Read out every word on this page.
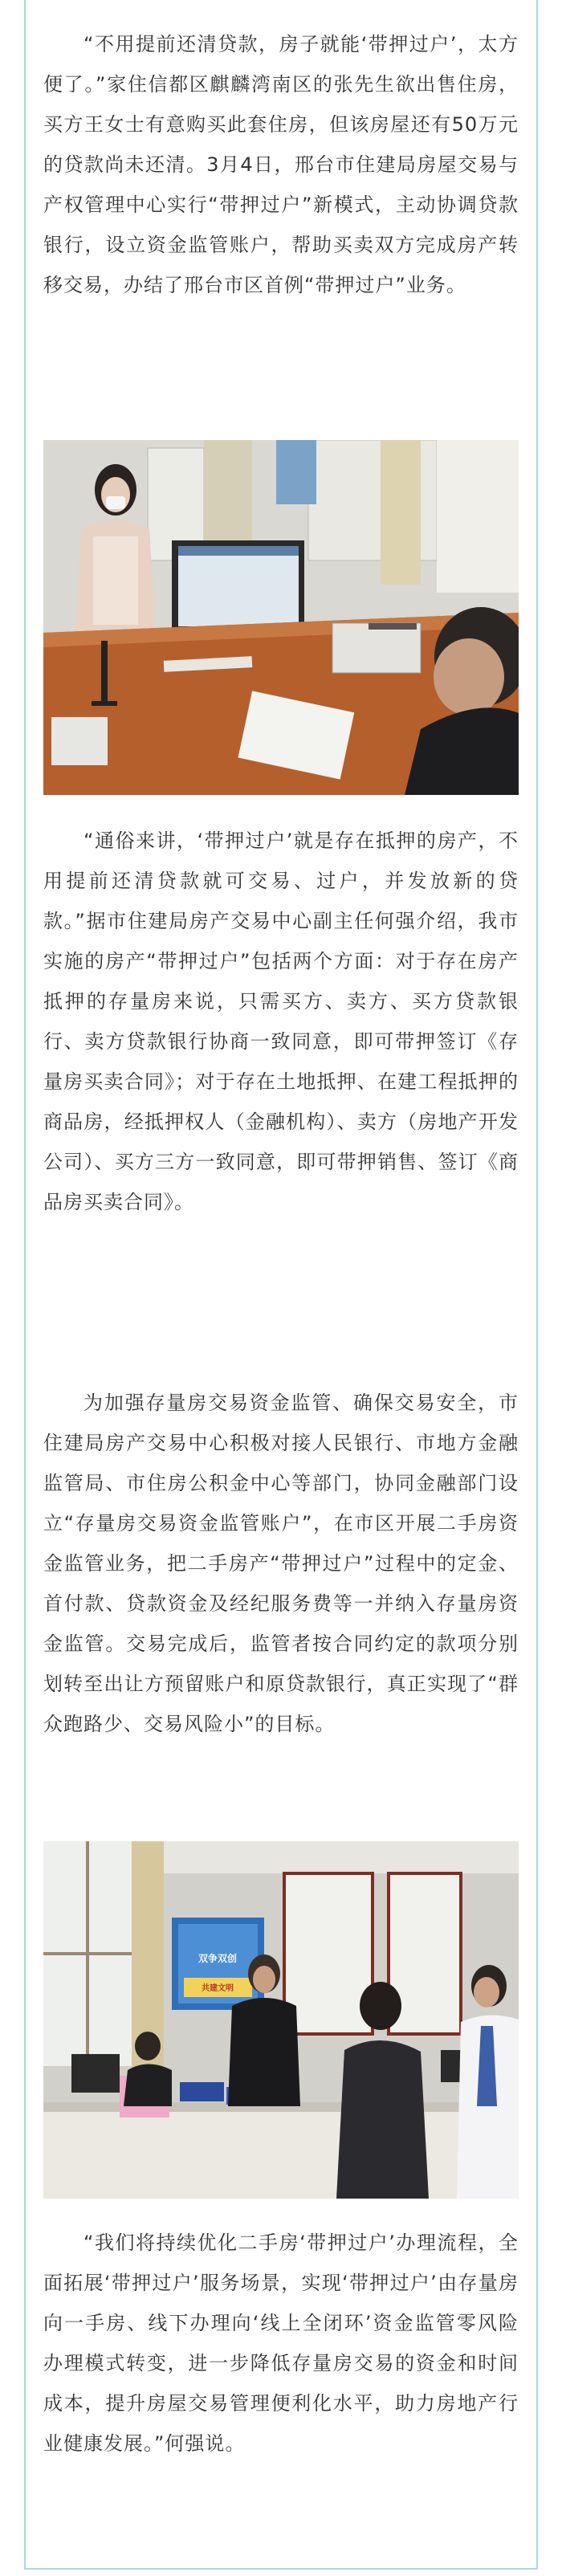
“不用提前还清贷款，房子就能‘带押过户’，太方便了。”家住信都区麒麟湾南区的张先生欲出售住房，买方王女士有意购买此套住房，但该房屋还有50万元的贷款尚未还清。3月4日，邢台市住建局房屋交易与产权管理中心实行“带押过户”新模式，主动协调贷款银行，设立资金监管账户，帮助买卖双方完成房产转移交易，办结了邢台市区首例“带押过户”业务。

“通俗来讲，‘带押过户’就是存在抵押的房产，不用提前还清贷款就可交易、过户，并发放新的贷款。”据市住建局房产交易中心副主任何强介绍，我市实施的房产“带押过户”包括两个方面：对于存在房产抵押的存量房来说，只需买方、卖方、买方贷款银行、卖方贷款银行协商一致同意，即可带押签订《存量房买卖合同》；对于存在土地抵押、在建工程抵押的商品房，经抵押权人（金融机构）、卖方（房地产开发公司）、买方三方一致同意，即可带押销售、签订《商品房买卖合同》。

为加强存量房交易资金监管、确保交易安全，市住建局房产交易中心积极对接人民银行、市地方金融监管局、市住房公积金中心等部门，协同金融部门设立“存量房交易资金监管账户”，在市区开展二手房资金监管业务，把二手房产“带押过户”过程中的定金、首付款、贷款资金及经纪服务费等一并纳入存量房资金监管。交易完成后，监管者按合同约定的款项分别划转至出让方预留账户和原贷款银行，真正实现了“群众跑路少、交易风险小”的目标。

双争双创
共建文明

“我们将持续优化二手房‘带押过户’办理流程，全面拓展‘带押过户’服务场景，实现‘带押过户’由存量房向一手房、线下办理向‘线上全闭环’资金监管零风险办理模式转变，进一步降低存量房交易的资金和时间成本，提升房屋交易管理便利化水平，助力房地产行业健康发展。”何强说。
